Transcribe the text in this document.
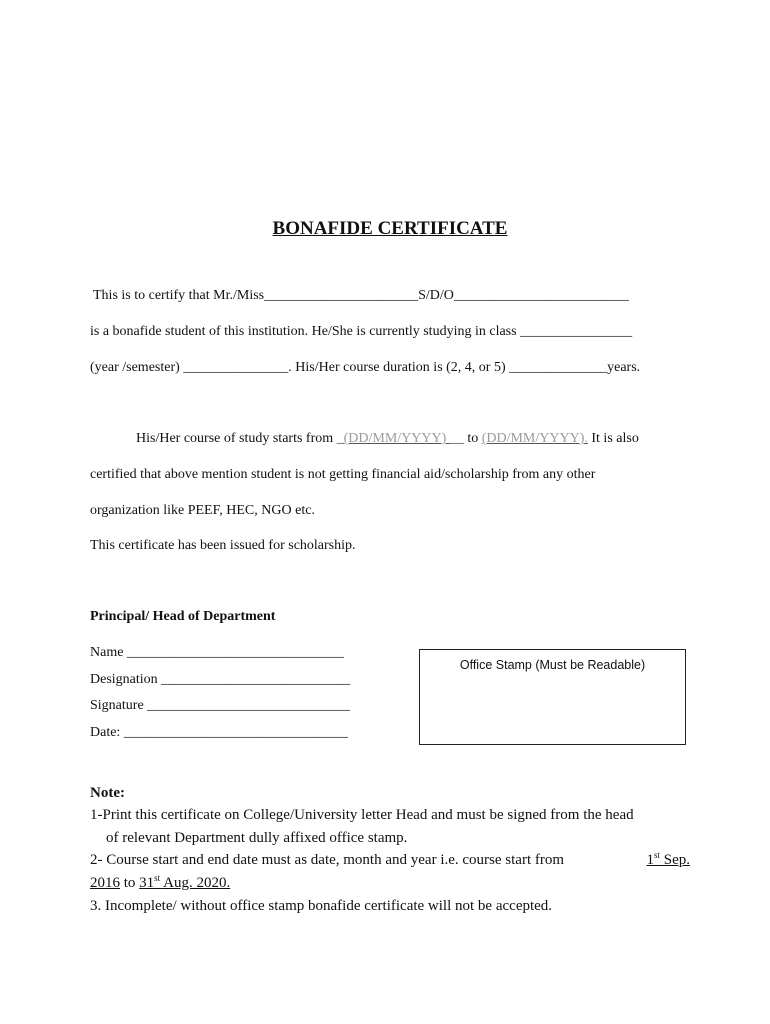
BONAFIDE CERTIFICATE
This is to certify that Mr./Miss______________________S/D/O_________________________
is a bonafide student of this institution. He/She is currently studying in class ________________
(year /semester) _______________. His/Her course duration is (2, 4, or 5) ______________years.
His/Her course of study starts from _(DD/MM/YYYY) __ to (DD/MM/YYYY). It is also
certified that above mention student is not getting financial aid/scholarship from any other
organization like PEEF, HEC, NGO etc.
This certificate has been issued for scholarship.
Principal/ Head of Department
Name _______________________________
Designation ___________________________
Signature _____________________________
Date: ________________________________
Office Stamp (Must be Readable)
Note:
1-Print this certificate on College/University letter Head and must be signed from the head
of relevant Department dully affixed office stamp.
2- Course start and end date must as date, month and year i.e. course start from	1st Sep.
2016 to 31st Aug. 2020.
3. Incomplete/ without office stamp bonafide certificate will not be accepted.
